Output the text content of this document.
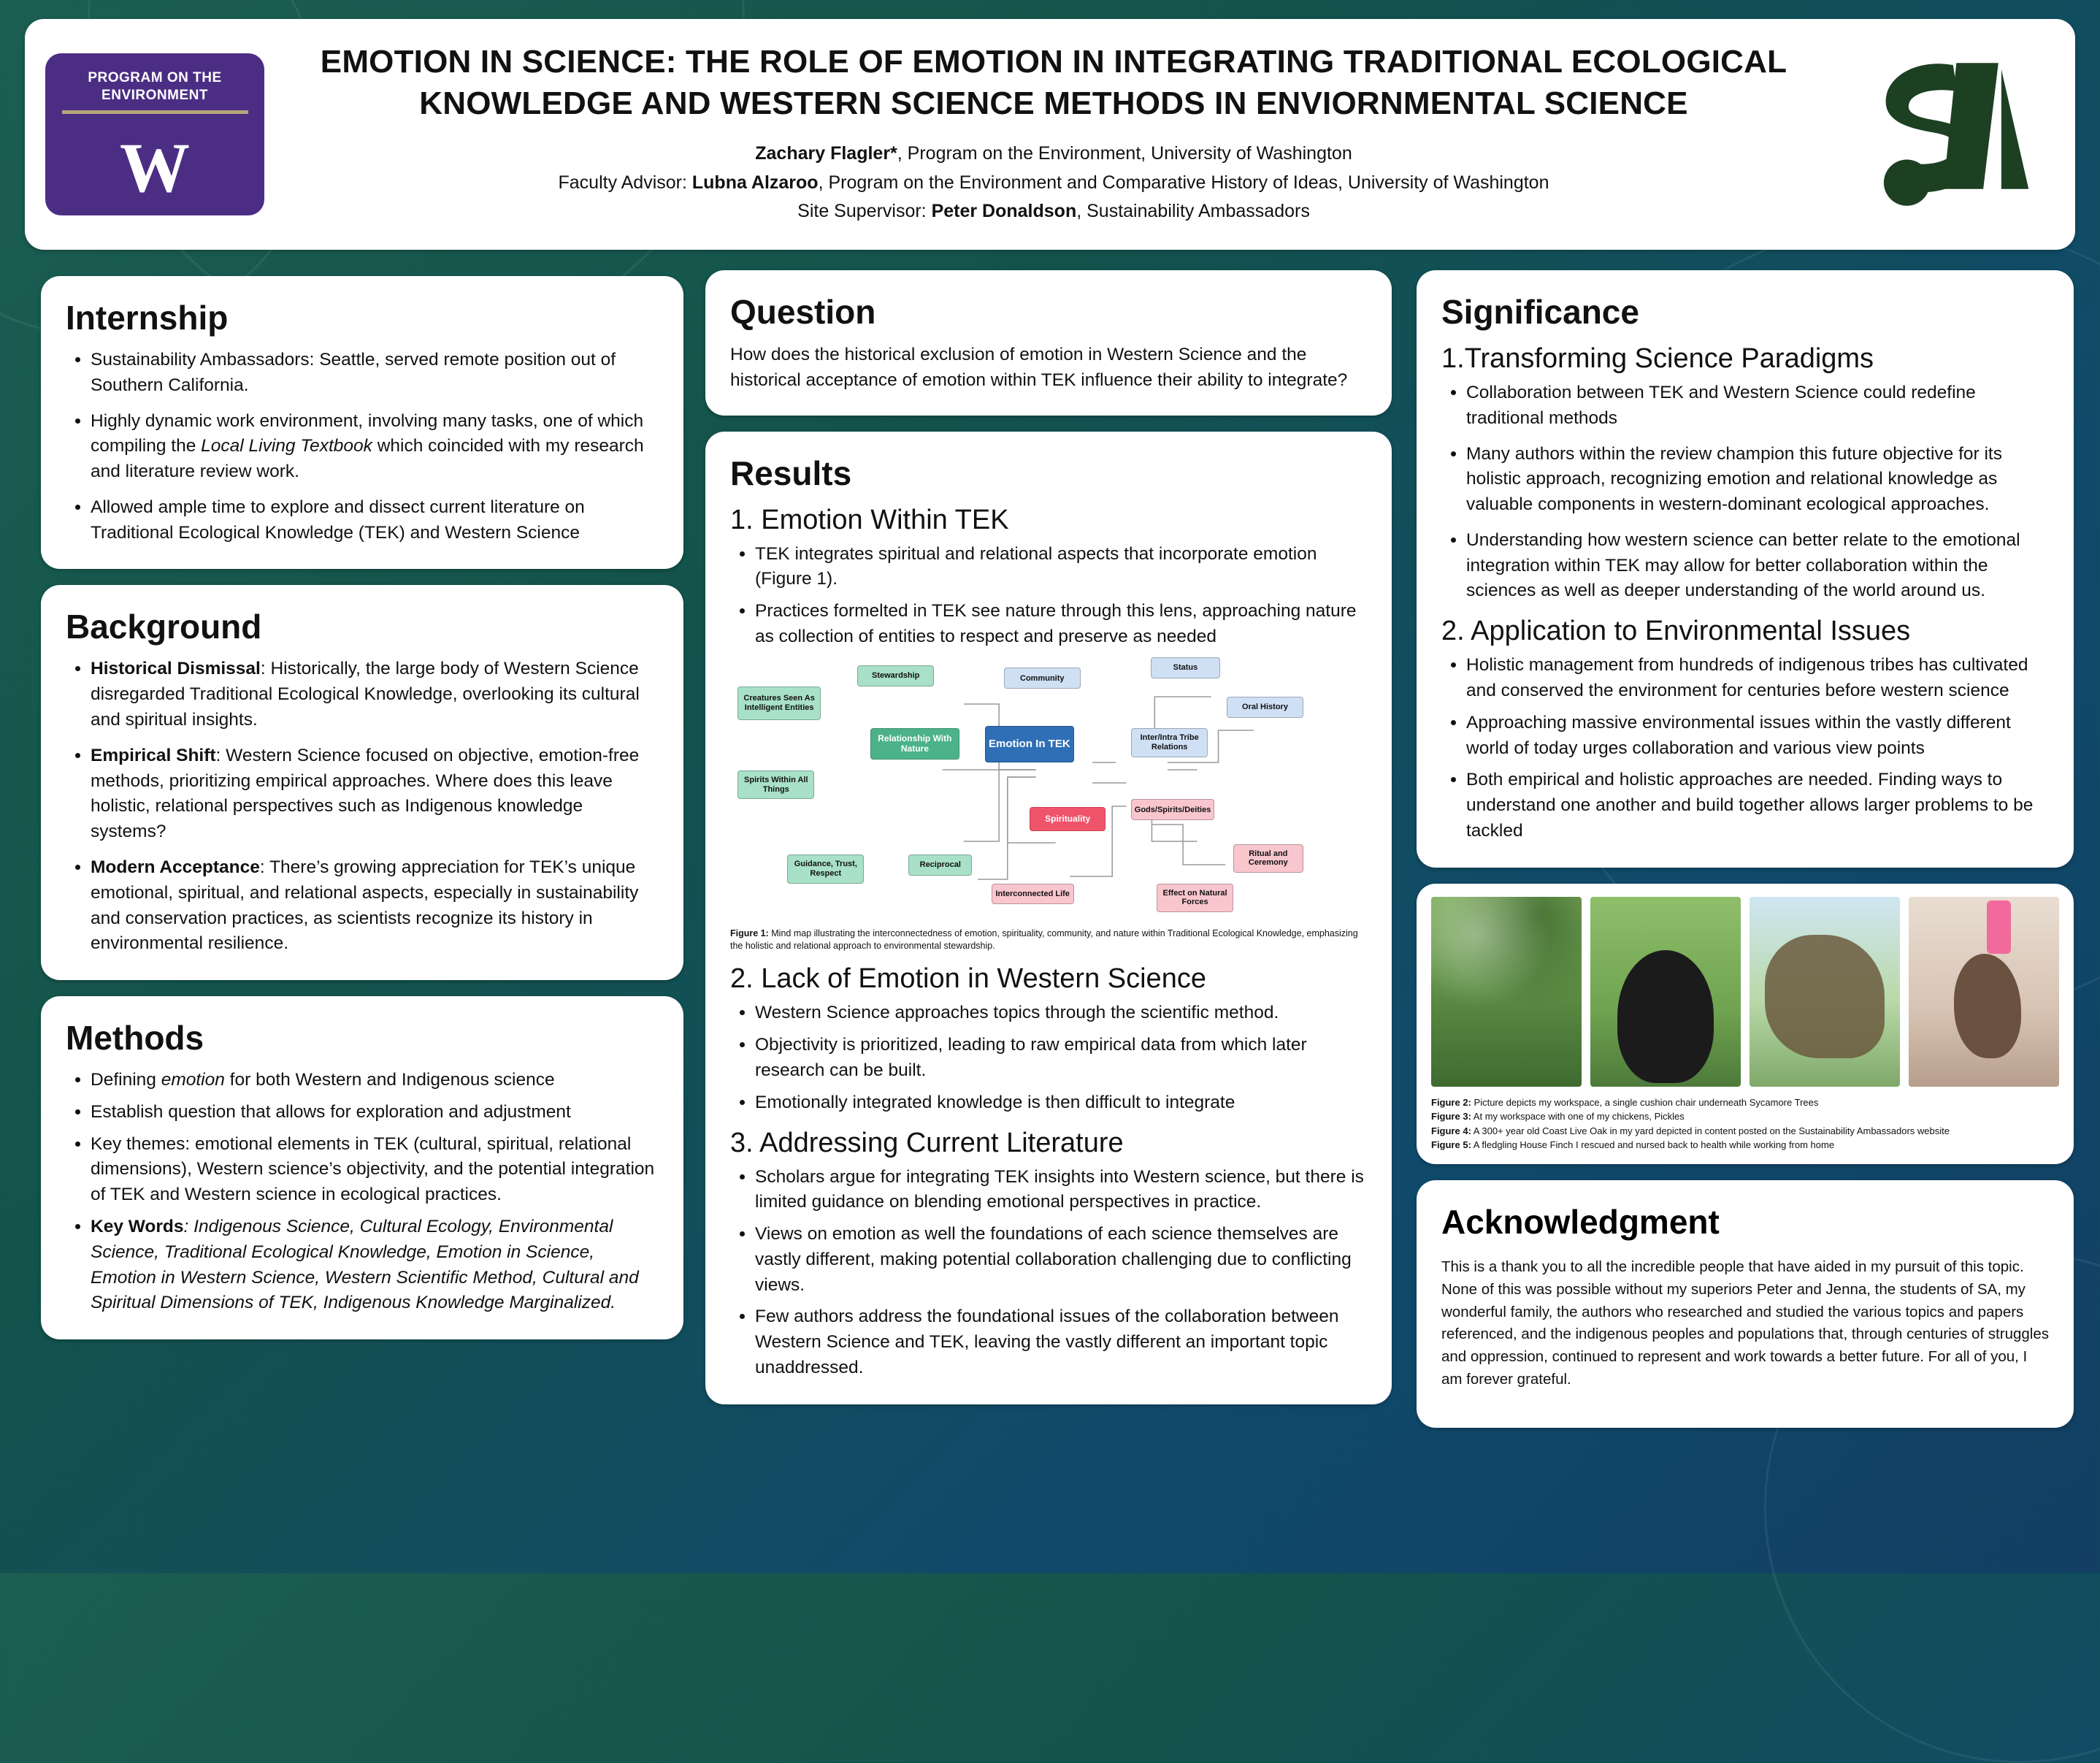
PROGRAM ON THE
ENVIRONMENT
W
EMOTION IN SCIENCE: THE ROLE OF EMOTION IN INTEGRATING TRADITIONAL ECOLOGICAL KNOWLEDGE AND WESTERN SCIENCE METHODS IN ENVIORNMENTAL SCIENCE
Zachary Flagler*, Program on the Environment, University of Washington
Faculty Advisor: Lubna Alzaroo, Program on the Environment and Comparative History of Ideas, University of Washington
Site Supervisor: Peter Donaldson, Sustainability Ambassadors
Internship
• Sustainability Ambassadors: Seattle, served remote position out of Southern California.
• Highly dynamic work environment, involving many tasks, one of which compiling the Local Living Textbook which coincided with my research and literature review work.
• Allowed ample time to explore and dissect current literature on Traditional Ecological Knowledge (TEK) and Western Science
Background
• Historical Dismissal: Historically, the large body of Western Science disregarded Traditional Ecological Knowledge, overlooking its cultural and spiritual insights.
• Empirical Shift: Western Science focused on objective, emotion-free methods, prioritizing empirical approaches. Where does this leave holistic, relational perspectives such as Indigenous knowledge systems?
• Modern Acceptance: There’s growing appreciation for TEK’s unique emotional, spiritual, and relational aspects, especially in sustainability and conservation practices, as scientists recognize its history in environmental resilience.
Methods
• Defining emotion for both Western and Indigenous science
• Establish question that allows for exploration and adjustment
• Key themes: emotional elements in TEK (cultural, spiritual, relational dimensions), Western science’s objectivity, and the potential integration of TEK and Western science in ecological practices.
• Key Words: Indigenous Science, Cultural Ecology, Environmental Science, Traditional Ecological Knowledge, Emotion in Science, Emotion in Western Science, Western Scientific Method, Cultural and Spiritual Dimensions of TEK, Indigenous Knowledge Marginalized.
Question

How does the historical exclusion of emotion in Western Science and the historical acceptance of emotion within TEK influence their ability to integrate?

Results
1. Emotion Within TEK
• TEK integrates spiritual and relational aspects that incorporate emotion (Figure 1).
• Practices formelted in TEK see nature through this lens, approaching nature as collection of entities to respect and preserve as needed
Creatures Seen As Intelligent Entities
Stewardship
Spirits Within All Things
Guidance, Trust, Respect
Reciprocal
Relationship With Nature	Emotion In TEK
Community
Spirituality
Status
Oral History
Inter/Intra Tribe Relations
Gods/Spirits/Deities
Ritual and Ceremony
Interconnected Life	Effect on Natural Forces
Figure 1: Mind map illustrating the interconnectedness of emotion, spirituality, community, and nature within Traditional Ecological Knowledge, emphasizing the holistic and relational approach to environmental stewardship.
2. Lack of Emotion in Western Science
• Western Science approaches topics through the scientific method.
• Objectivity is prioritized, leading to raw empirical data from which later research can be built.
• Emotionally integrated knowledge is then difficult to integrate
3. Addressing Current Literature
• Scholars argue for integrating TEK insights into Western science, but there is limited guidance on blending emotional perspectives in practice.
• Views on emotion as well the foundations of each science themselves are vastly different, making potential collaboration challenging due to conflicting views.
• Few authors address the foundational issues of the collaboration between Western Science and TEK, leaving the vastly different an important topic unaddressed.
Significance
1.Transforming Science Paradigms
• Collaboration between TEK and Western Science could redefine traditional methods
• Many authors within the review champion this future objective for its holistic approach, recognizing emotion and relational knowledge as valuable components in western-dominant ecological approaches.
• Understanding how western science can better relate to the emotional integration within TEK may allow for better collaboration within the sciences as well as deeper understanding of the world around us.
2. Application to Environmental Issues
• Holistic management from hundreds of indigenous tribes has cultivated and conserved the environment for centuries before western science
• Approaching massive environmental issues within the vastly different world of today urges collaboration and various view points
• Both empirical and holistic approaches are needed. Finding ways to understand one another and build together allows larger problems to be tackled
Figure 2: Picture depicts my workspace, a single cushion chair underneath Sycamore Trees
Figure 3: At my workspace with one of my chickens, Pickles
Figure 4: A 300+ year old Coast Live Oak in my yard depicted in content posted on the Sustainability Ambassadors website
Figure 5: A fledgling House Finch I rescued and nursed back to health while working from home
Acknowledgment

This is a thank you to all the incredible people that have aided in my pursuit of this topic. None of this was possible without my superiors Peter and Jenna, the students of SA, my wonderful family, the authors who researched and studied the various topics and papers referenced, and the indigenous peoples and populations that, through centuries of struggles and oppression, continued to represent and work towards a better future. For all of you, I am forever grateful.
